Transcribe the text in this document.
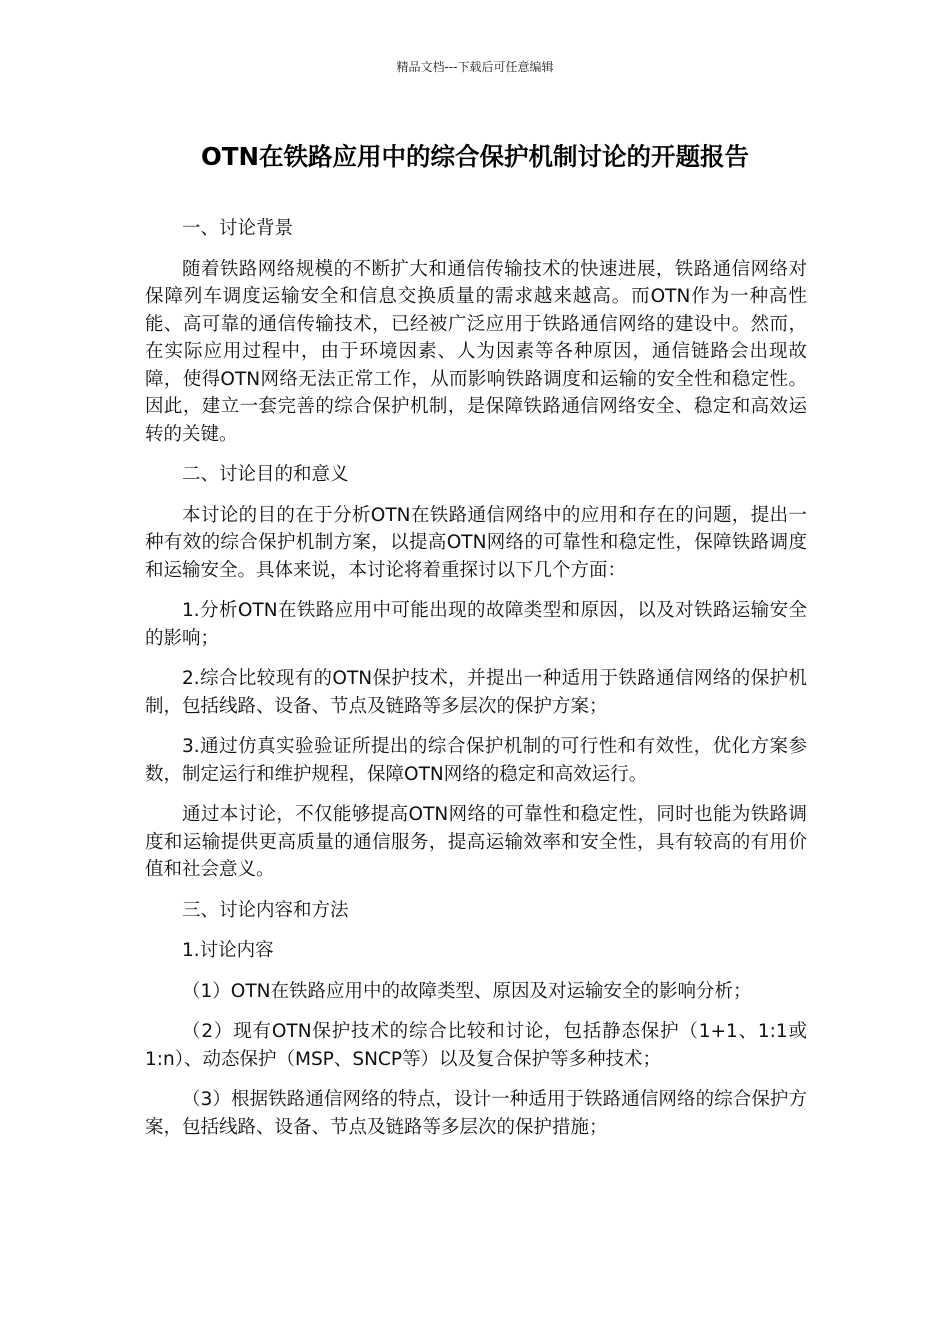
精品文档---下载后可任意编辑
OTN在铁路应用中的综合保护机制讨论的开题报告

一、讨论背景

随着铁路网络规模的不断扩大和通信传输技术的快速进展，铁路通信网络对保障列车调度运输安全和信息交换质量的需求越来越高。而OTN作为一种高性能、高可靠的通信传输技术，已经被广泛应用于铁路通信网络的建设中。然而，在实际应用过程中，由于环境因素、人为因素等各种原因，通信链路会出现故障，使得OTN网络无法正常工作，从而影响铁路调度和运输的安全性和稳定性。因此，建立一套完善的综合保护机制，是保障铁路通信网络安全、稳定和高效运转的关键。

二、讨论目的和意义

本讨论的目的在于分析OTN在铁路通信网络中的应用和存在的问题，提出一种有效的综合保护机制方案，以提高OTN网络的可靠性和稳定性，保障铁路调度和运输安全。具体来说，本讨论将着重探讨以下几个方面：

1.分析OTN在铁路应用中可能出现的故障类型和原因，以及对铁路运输安全的影响；

2.综合比较现有的OTN保护技术，并提出一种适用于铁路通信网络的保护机制，包括线路、设备、节点及链路等多层次的保护方案；

3.通过仿真实验验证所提出的综合保护机制的可行性和有效性，优化方案参数，制定运行和维护规程，保障OTN网络的稳定和高效运行。

通过本讨论，不仅能够提高OTN网络的可靠性和稳定性，同时也能为铁路调度和运输提供更高质量的通信服务，提高运输效率和安全性，具有较高的有用价值和社会意义。

三、讨论内容和方法

1.讨论内容

（1）OTN在铁路应用中的故障类型、原因及对运输安全的影响分析；

（2）现有OTN保护技术的综合比较和讨论，包括静态保护（1+1、1:1或1:n）、动态保护（MSP、SNCP等）以及复合保护等多种技术；

（3）根据铁路通信网络的特点，设计一种适用于铁路通信网络的综合保护方案，包括线路、设备、节点及链路等多层次的保护措施；
